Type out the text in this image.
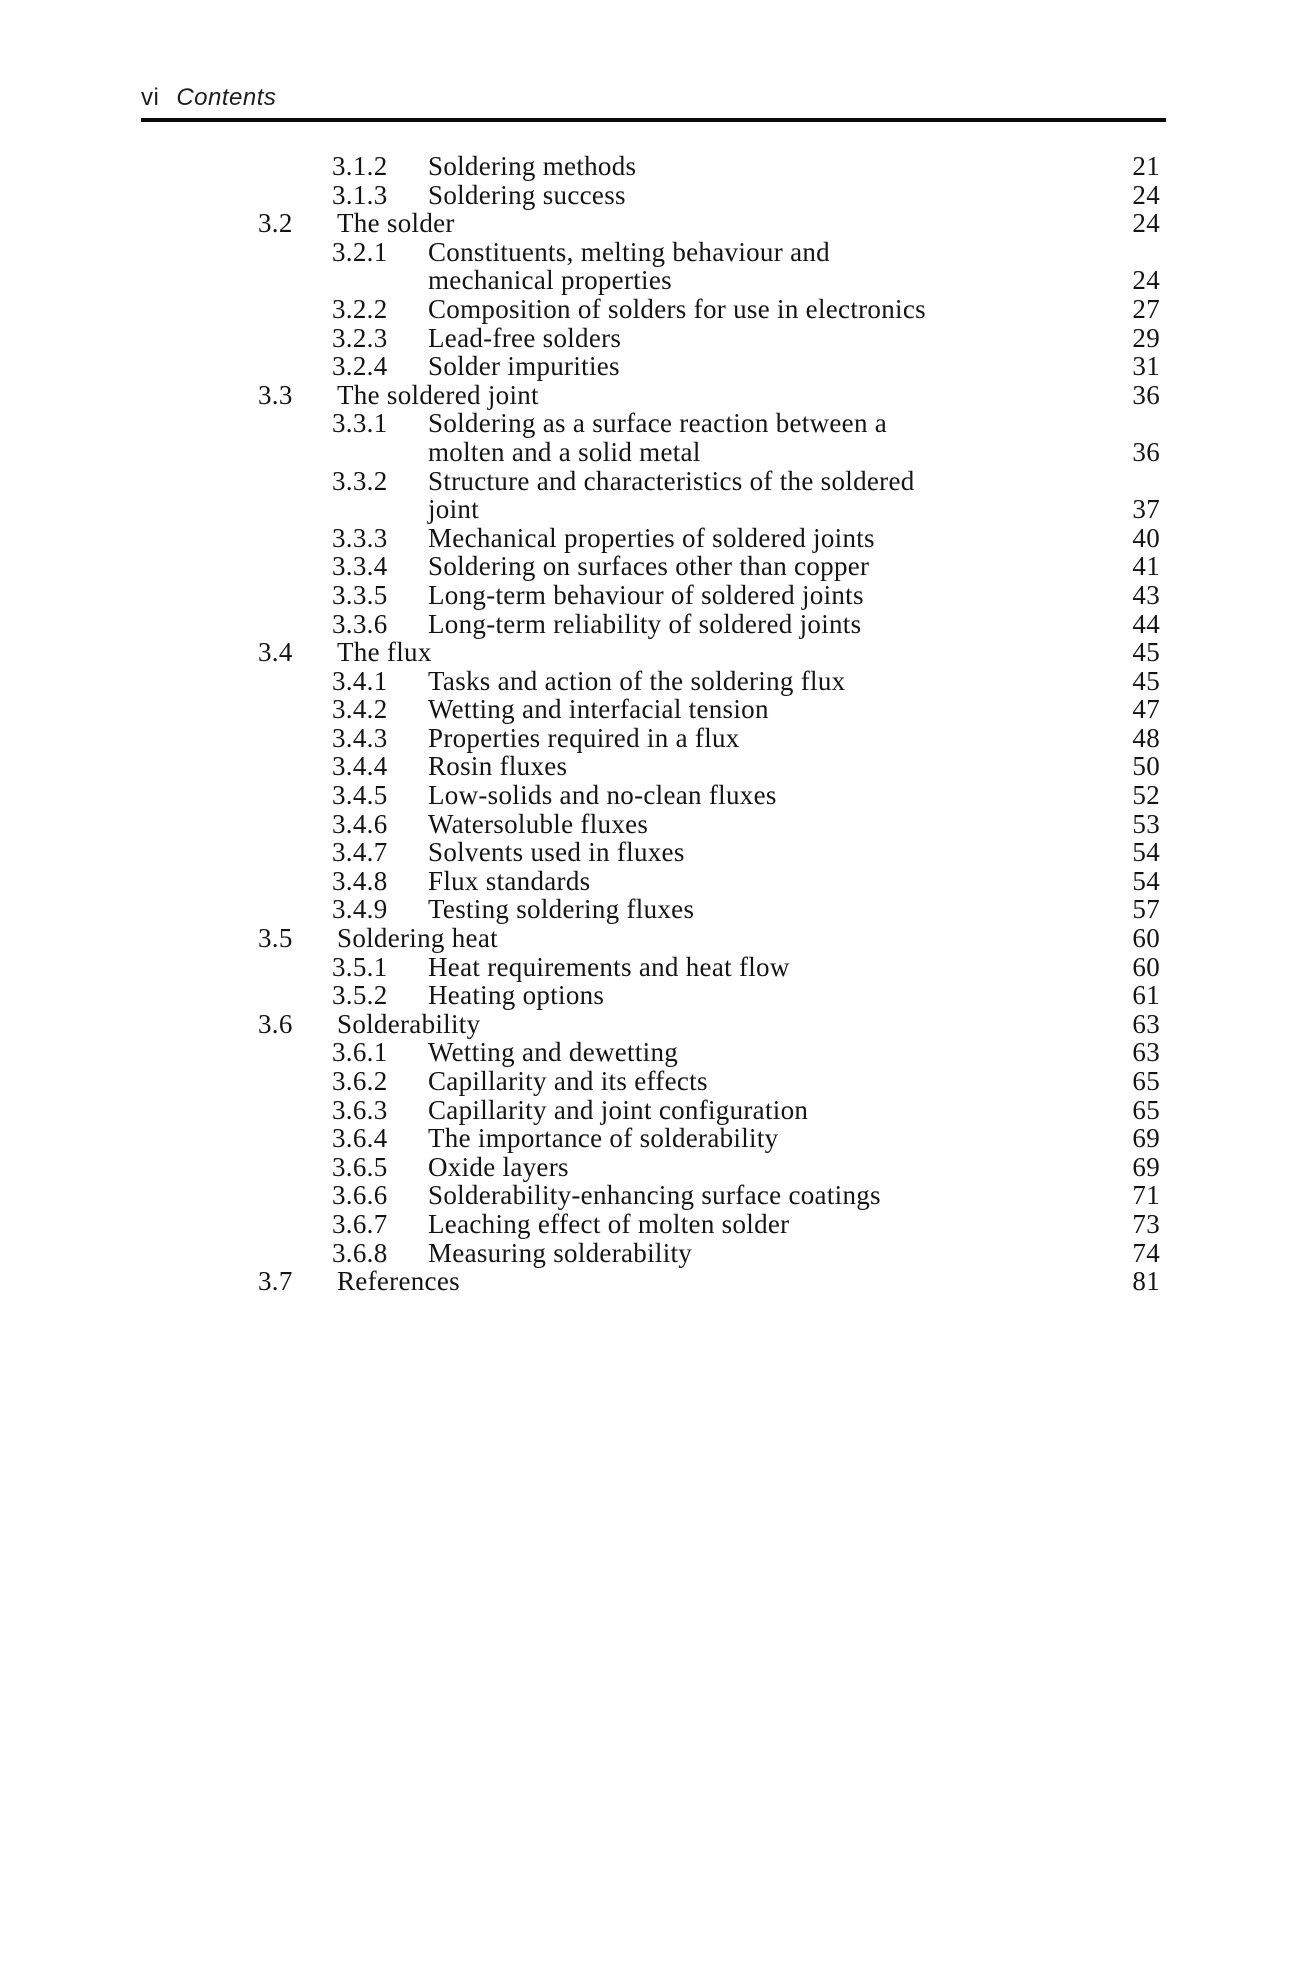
vi Contents
3.1.2	Soldering methods	21
3.1.3	Soldering success	24
3.2	The solder	24
3.2.1	Constituents, melting behaviour and
mechanical properties	24
3.2.2	Composition of solders for use in electronics	27
3.2.3	Lead-free solders	29
3.2.4	Solder impurities	31
3.3	The soldered joint	36
3.3.1	Soldering as a surface reaction between a
molten and a solid metal	36
3.3.2	Structure and characteristics of the soldered
joint	37
3.3.3	Mechanical properties of soldered joints	40
3.3.4	Soldering on surfaces other than copper	41
3.3.5	Long-term behaviour of soldered joints	43
3.3.6	Long-term reliability of soldered joints	44
3.4	The flux	45
3.4.1	Tasks and action of the soldering flux	45
3.4.2	Wetting and interfacial tension	47
3.4.3	Properties required in a flux	48
3.4.4	Rosin fluxes	50
3.4.5	Low-solids and no-clean fluxes	52
3.4.6	Watersoluble fluxes	53
3.4.7	Solvents used in fluxes	54
3.4.8	Flux standards	54
3.4.9	Testing soldering fluxes	57
3.5	Soldering heat	60
3.5.1	Heat requirements and heat flow	60
3.5.2	Heating options	61
3.6	Solderability	63
3.6.1	Wetting and dewetting	63
3.6.2	Capillarity and its effects	65
3.6.3	Capillarity and joint configuration	65
3.6.4	The importance of solderability	69
3.6.5	Oxide layers	69
3.6.6	Solderability-enhancing surface coatings	71
3.6.7	Leaching effect of molten solder	73
3.6.8	Measuring solderability	74
3.7	References	81
